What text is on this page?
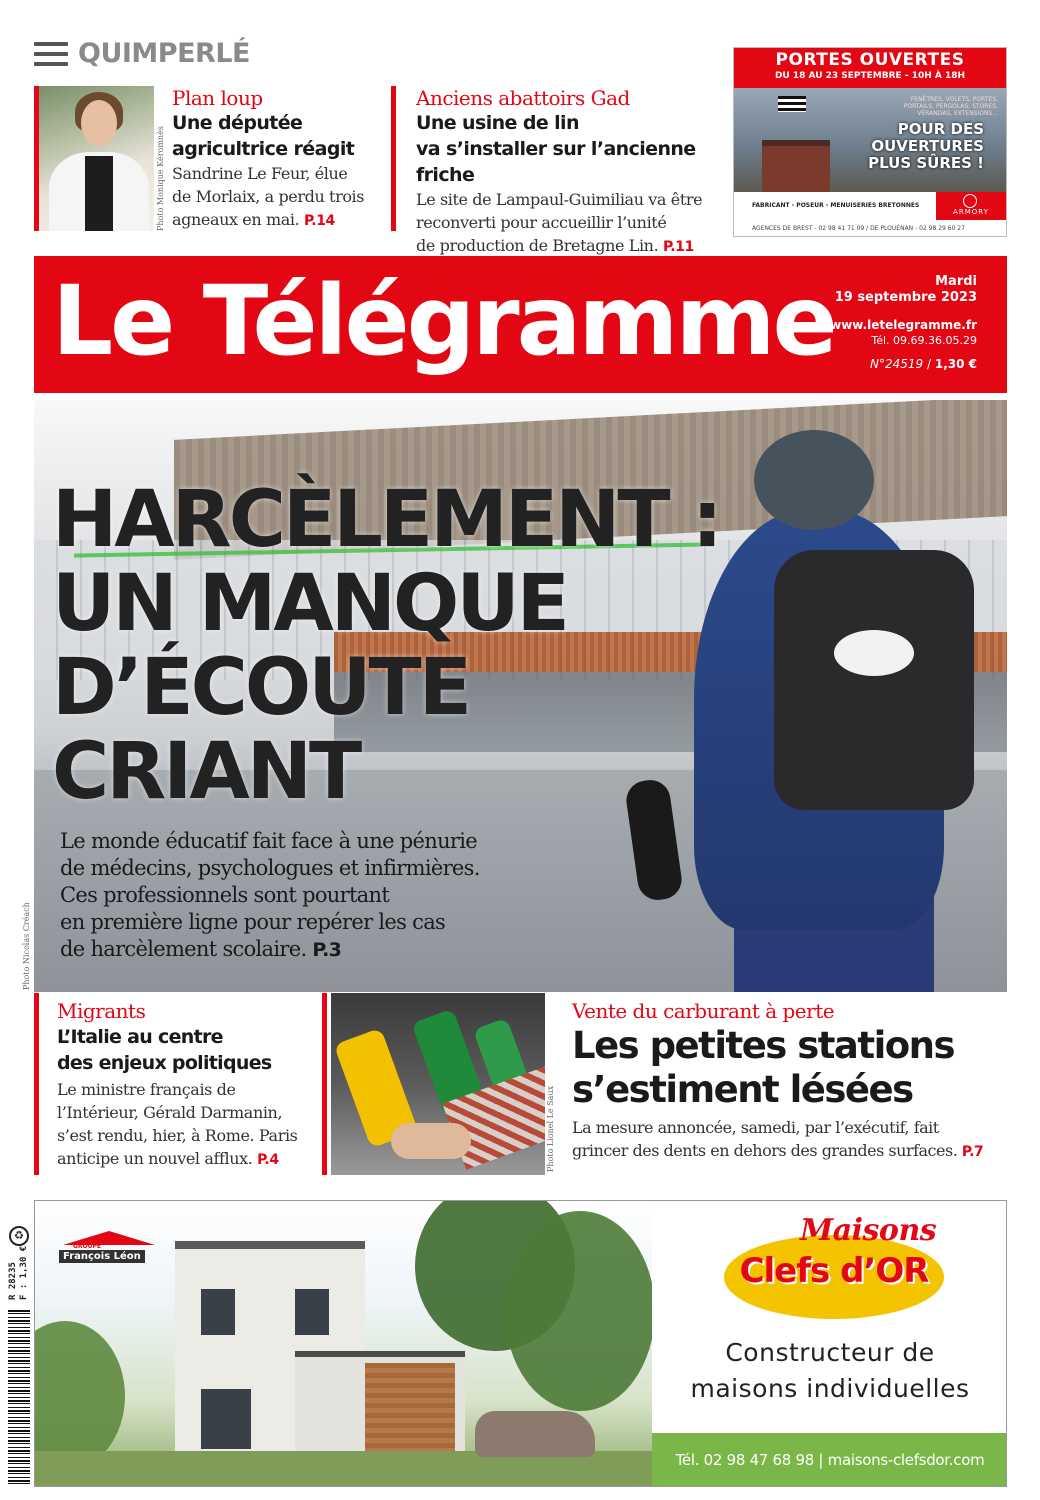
QUIMPERLÉ
Photo Monique Kéromnès
Plan loup
Une députée
agricultrice réagit
Sandrine Le Feur, élue
de Morlaix, a perdu trois
agneaux en mai. P.14
Anciens abattoirs Gad
Une usine de lin
va s’installer sur l’ancienne friche
Le site de Lampaul-Guimiliau va être
reconverti pour accueillir l’unité
de production de Bretagne Lin. P.11
PORTES OUVERTES
DU 18 AU 23 SEPTEMBRE - 10H À 18H
FENÊTRES, VOLETS, PORTES,
PORTAILS, PERGOLAS, STORES,
VÉRANDAS, EXTENSIONS...
POUR DES
OUVERTURES
PLUS SÛRES !
FABRICANT - POSEUR - MENUISERIES BRETONNES
ARMORY
AGENCES DE BREST - 02 98 41 71 09 / DE PLOUÉNAN - 02 98 29 60 27
Le Télégramme	Mardi
19 septembre 2023
www.letelegramme.fr
Tél. 09.69.36.05.29
N°24519 / 1,30 €
HARCÈLEMENT :
UN MANQUE
D’ÉCOUTE
CRIANT
Le monde éducatif fait face à une pénurie
de médecins, psychologues et infirmières.
Ces professionnels sont pourtant
en première ligne pour repérer les cas
de harcèlement scolaire. P.3
Photo Nicolas Créach
Migrants
L’Italie au centre
des enjeux politiques
Le ministre français de
l’Intérieur, Gérald Darmanin,
s’est rendu, hier, à Rome. Paris
anticipe un nouvel afflux. P.4	Photo Lionel Le Saux
Vente du carburant à perte
Les petites stations
s’estiment lésées
La mesure annoncée, samedi, par l’exécutif, fait
grincer des dents en dehors des grandes surfaces. P.7
GROUPE
François Léon
Maisons
Clefs d’OR
Constructeur de
maisons individuelles
Tél. 02 98 47 68 98 | maisons-clefsdor.com
♻
R 28235 F : 1,30 €
